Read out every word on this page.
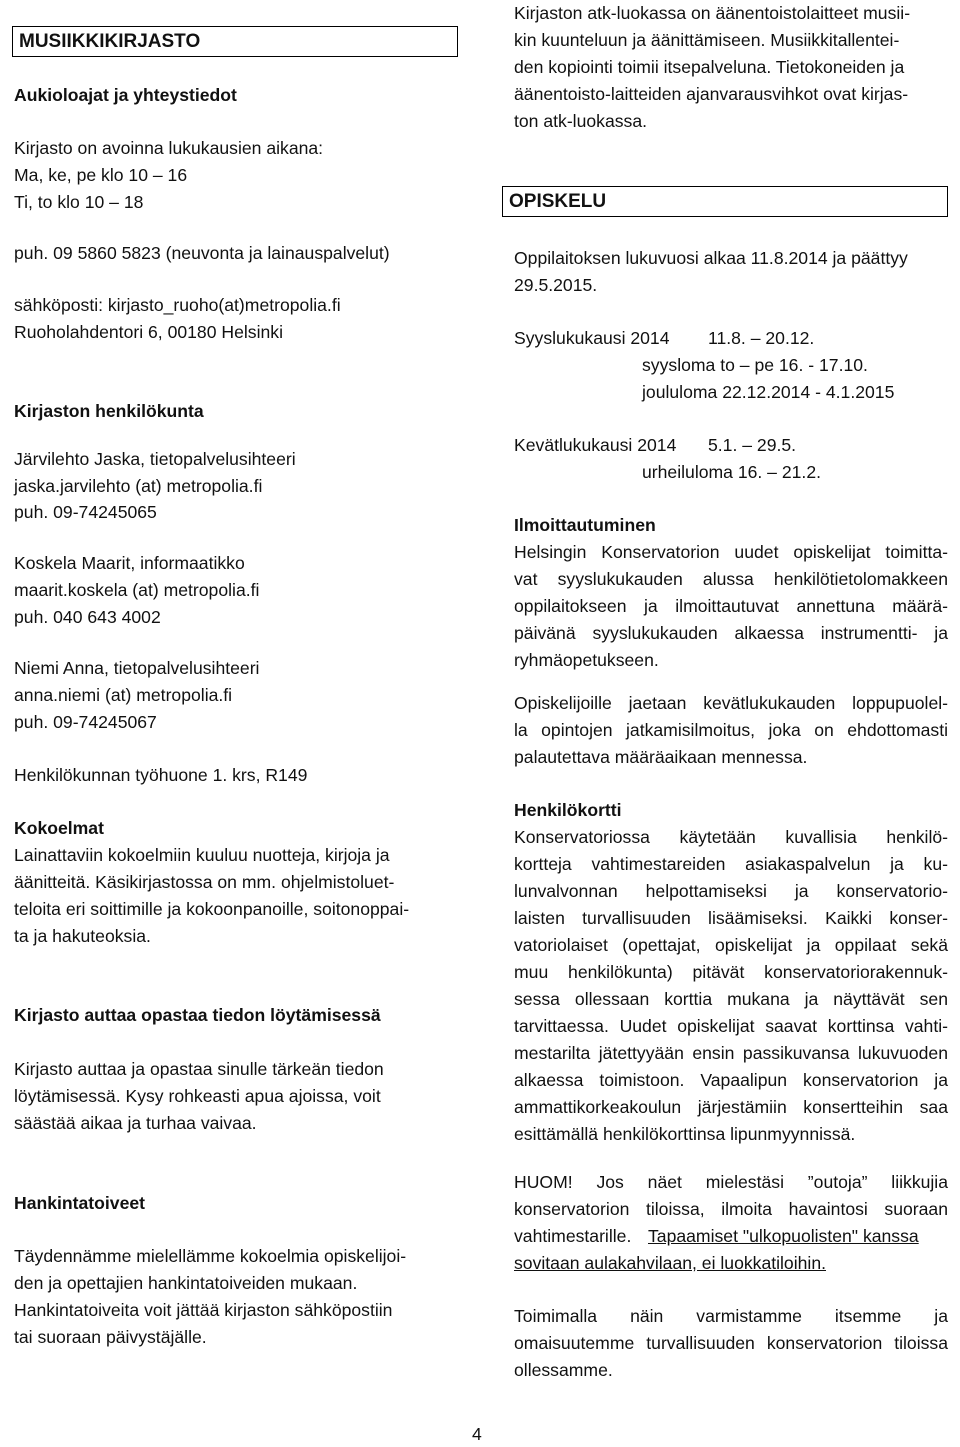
MUSIIKKIKIRJASTO
Aukioloajat ja yhteystiedot
Kirjasto on avoinna lukukausien aikana:
Ma, ke, pe klo 10 – 16
Ti, to klo 10 – 18
puh. 09 5860 5823 (neuvonta ja lainauspalvelut)
sähköposti: kirjasto_ruoho(at)metropolia.fi
Ruoholahdentori 6, 00180 Helsinki
Kirjaston henkilökunta
Järvilehto Jaska, tietopalvelusihteeri
jaska.jarvilehto (at) metropolia.fi
puh. 09-74245065
Koskela Maarit, informaatikko
maarit.koskela (at) metropolia.fi
puh. 040 643 4002
Niemi Anna, tietopalvelusihteeri
anna.niemi (at) metropolia.fi
puh. 09-74245067
Henkilökunnan työhuone 1. krs, R149
Kokoelmat
Lainattaviin kokoelmiin kuuluu nuotteja, kirjoja ja
äänitteitä. Käsikirjastossa on mm. ohjelmistoluet-
teloita eri soittimille ja kokoonpanoille, soitonoppai-
ta ja hakuteoksia.
Kirjasto auttaa opastaa tiedon löytämisessä
Kirjasto auttaa ja opastaa sinulle tärkeän tiedon
löytämisessä. Kysy rohkeasti apua ajoissa, voit
säästää aikaa ja turhaa vaivaa.
Hankintatoiveet
Täydennämme mielellämme kokoelmia opiskelijoi-
den ja opettajien hankintatoiveiden mukaan.
Hankintatoiveita voit jättää kirjaston sähköpostiin
tai suoraan päivystäjälle.
Kirjaston atk-luokassa on äänentoistolaitteet musii-
kin kuunteluun ja äänittämiseen. Musiikkitallentei-
den kopiointi toimii itsepalveluna. Tietokoneiden ja
äänentoisto-laitteiden ajanvarausvihkot ovat kirjas-
ton atk-luokassa.
OPISKELU
Oppilaitoksen lukuvuosi alkaa 11.8.2014 ja päättyy
29.5.2015.
Syyslukukausi 2014 11.8. – 20.12.
syysloma to – pe 16. - 17.10.
joululoma 22.12.2014 - 4.1.2015
Kevätlukukausi 2014 5.1. – 29.5.
urheiluloma 16. – 21.2.
Ilmoittautuminen
Helsingin Konservatorion uudet opiskelijat toimitta-
vat syyslukukauden alussa henkilötietolomakkeen
oppilaitokseen ja ilmoittautuvat annettuna määrä-
päivänä syyslukukauden alkaessa instrumentti- ja
ryhmäopetukseen.
Opiskelijoille jaetaan kevätlukukauden loppupuolel-
la opintojen jatkamisilmoitus, joka on ehdottomasti
palautettava määräaikaan mennessa.
Henkilökortti
Konservatoriossa käytetään kuvallisia henkilö-
kortteja vahtimestareiden asiakaspalvelun ja ku-
lunvalvonnan helpottamiseksi ja konservatorio-
laisten turvallisuuden lisäämiseksi. Kaikki konser-
vatoriolaiset (opettajat, opiskelijat ja oppilaat sekä
muu henkilökunta) pitävät konservatoriorakennuk-
sessa ollessaan korttia mukana ja näyttävät sen
tarvittaessa. Uudet opiskelijat saavat korttinsa vahti-
mestarilta jätettyyään ensin passikuvansa lukuvuoden
alkaessa toimistoon. Vapaalipun konservatorion ja
ammattikorkeakoulun järjestämiin konsertteihin saa
esittämällä henkilökorttinsa lipunmyynnissä.
HUOM! Jos näet mielestäsi ”outoja” liikkujia
konservatorion tiloissa, ilmoita havaintosi suoraan
vahtimestarille. Tapaamiset "ulkopuolisten" kanssa
sovitaan aulakahvilaan, ei luokkatiloihin.
Toimimalla näin varmistamme itsemme ja
omaisuutemme turvallisuuden konservatorion tiloissa
ollessamme.
4
